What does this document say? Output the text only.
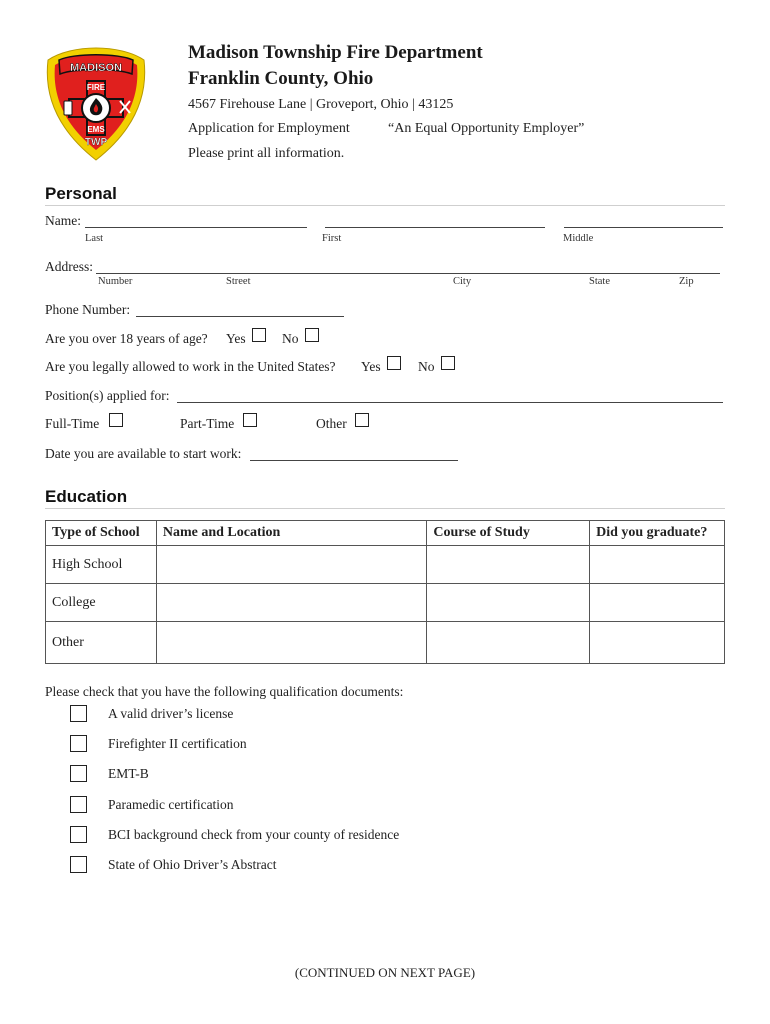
MADISON
FIRE
EMS
TWP
Madison Township Fire Department
Franklin County, Ohio
4567 Firehouse Lane | Groveport, Ohio | 43125
Application for Employment	“An Equal Opportunity Employer”
Please print all information.
Personal
Name:
Last	First	Middle
Address:
Number	Street	City	State	Zip
Phone Number:
Are you over 18 years of age? Yes	No
Are you legally allowed to work in the United States? Yes	No
Position(s) applied for:
Full-Time	Part-Time	Other
Date you are available to start work:
Education
Type of School	Name and Location	Course of Study	Did you graduate?
High School			
College			
Other			
Please check that you have the following qualification documents:
A valid driver’s license
Firefighter II certification
EMT-B
Paramedic certification
BCI background check from your county of residence
State of Ohio Driver’s Abstract
(CONTINUED ON NEXT PAGE)
